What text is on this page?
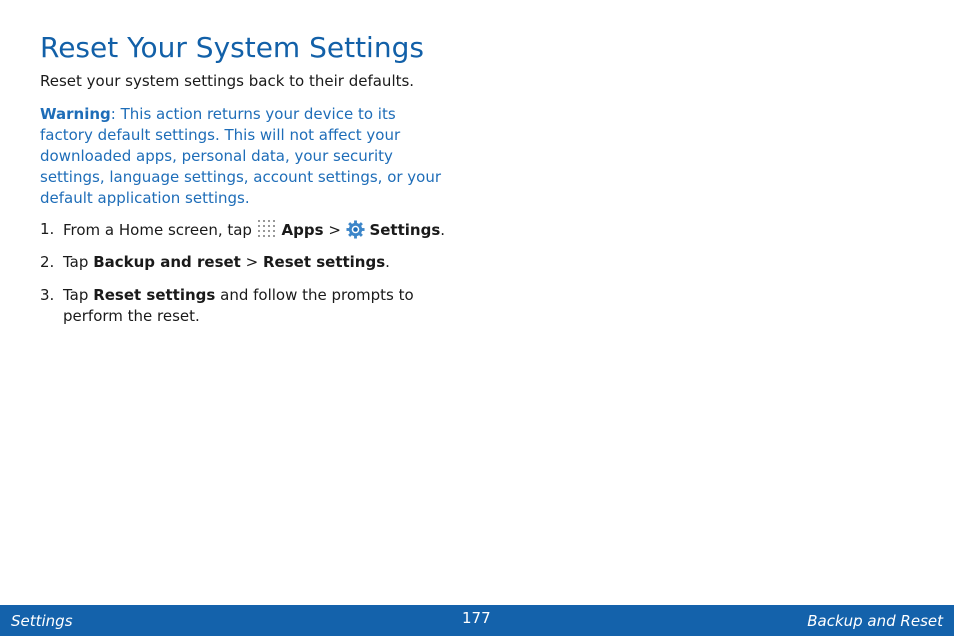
Reset Your System Settings
Reset your system settings back to their defaults.
Warning: This action returns your device to its factory default settings. This will not affect your downloaded apps, personal data, your security settings, language settings, account settings, or your default application settings.
1. From a Home screen, tap Apps > Settings.
2. Tap Backup and reset > Reset settings.
3. Tap Reset settings and follow the prompts to perform the reset.
Settings	177	Backup and Reset
